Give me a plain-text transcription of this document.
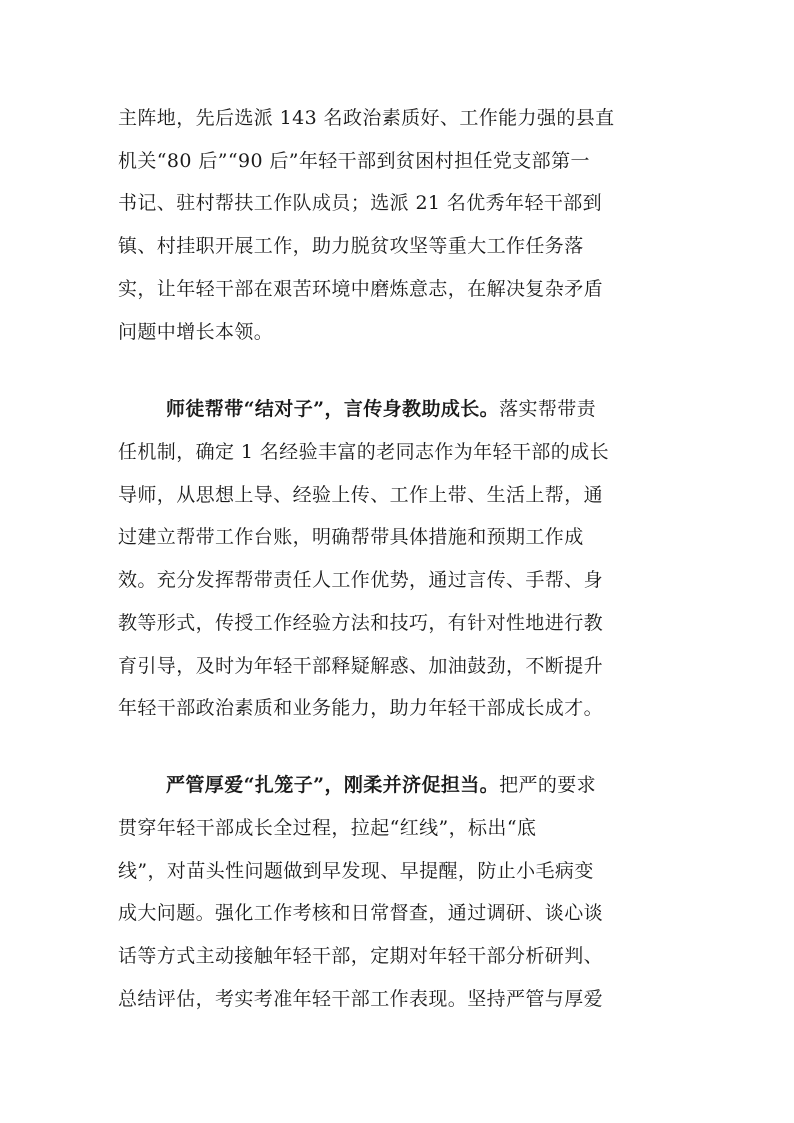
主阵地，先后选派 143 名政治素质好、工作能力强的县直
机关“80 后”“90 后”年轻干部到贫困村担任党支部第一
书记、驻村帮扶工作队成员；选派 21 名优秀年轻干部到
镇、村挂职开展工作，助力脱贫攻坚等重大工作任务落
实，让年轻干部在艰苦环境中磨炼意志，在解决复杂矛盾
问题中增长本领。
师徒帮带“结对子”，言传身教助成长。落实帮带责
任机制，确定 1 名经验丰富的老同志作为年轻干部的成长
导师，从思想上导、经验上传、工作上带、生活上帮，通
过建立帮带工作台账，明确帮带具体措施和预期工作成
效。充分发挥帮带责任人工作优势，通过言传、手帮、身
教等形式，传授工作经验方法和技巧，有针对性地进行教
育引导，及时为年轻干部释疑解惑、加油鼓劲，不断提升
年轻干部政治素质和业务能力，助力年轻干部成长成才。
严管厚爱“扎笼子”，刚柔并济促担当。把严的要求
贯穿年轻干部成长全过程，拉起“红线”，标出“底
线”，对苗头性问题做到早发现、早提醒，防止小毛病变
成大问题。强化工作考核和日常督查，通过调研、谈心谈
话等方式主动接触年轻干部，定期对年轻干部分析研判、
总结评估，考实考准年轻干部工作表现。坚持严管与厚爱
